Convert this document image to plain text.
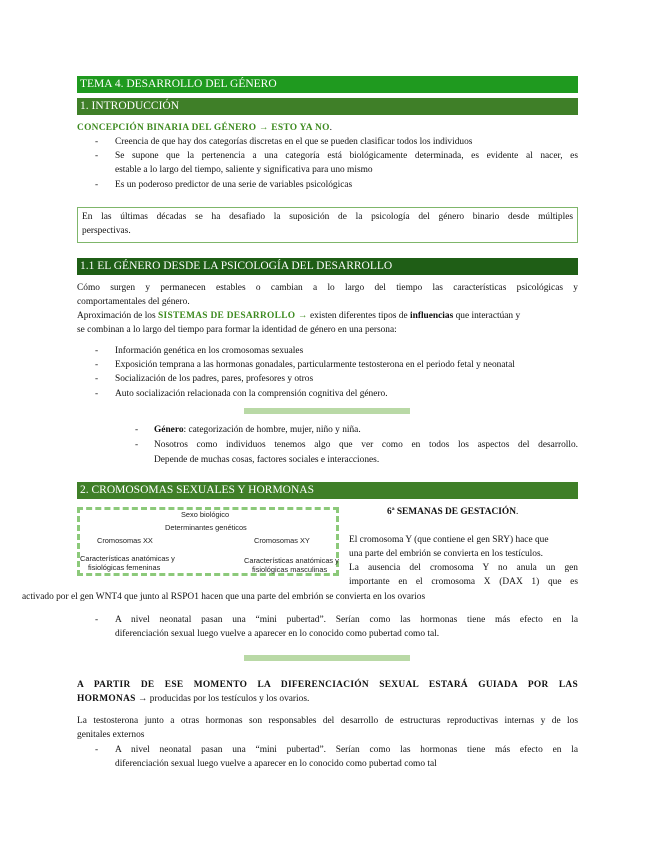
TEMA 4. DESARROLLO DEL GÉNERO
1. INTRODUCCIÓN
CONCEPCIÓN BINARIA DEL GÉNERO → ESTO YA NO.
- Creencia de que hay dos categorías discretas en el que se pueden clasificar todos los individuos
- Se supone que la pertenencia a una categoría está biológicamente determinada, es evidente al nacer, es
estable a lo largo del tiempo, saliente y significativa para uno mismo
- Es un poderoso predictor de una serie de variables psicológicas
En las últimas décadas se ha desafiado la suposición de la psicología del género binario desde múltiples
perspectivas.
1.1 EL GÉNERO DESDE LA PSICOLOGÍA DEL DESARROLLO
Cómo surgen y permanecen estables o cambian a lo largo del tiempo las características psicológicas y
comportamentales del género.
Aproximación de los SISTEMAS DE DESARROLLO → existen diferentes tipos de influencias que interactúan y
se combinan a lo largo del tiempo para formar la identidad de género en una persona:
- Información genética en los cromosomas sexuales
- Exposición temprana a las hormonas gonadales, particularmente testosterona en el periodo fetal y neonatal
- Socialización de los padres, pares, profesores y otros
- Auto socialización relacionada con la comprensión cognitiva del género.
- Género: categorización de hombre, mujer, niño y niña.
- Nosotros como individuos tenemos algo que ver como en todos los aspectos del desarrollo.
Depende de muchas cosas, factores sociales e interacciones.
2. CROMOSOMAS SEXUALES Y HORMONAS
Sexo biológico
Determinantes genéticos
Cromosomas XX	Cromosomas XY
Características anatómicas y
fisiológicas femeninas
Características anatómicas y
fisiológicas masculinas
6ª SEMANAS DE GESTACIÓN.
El cromosoma Y (que contiene el gen SRY) hace que
una parte del embrión se convierta en los testículos.
La ausencia del cromosoma Y no anula un gen
importante en el cromosoma X (DAX 1) que es
activado por el gen WNT4 que junto al RSPO1 hacen que una parte del embrión se convierta en los ovarios
- A nivel neonatal pasan una “mini pubertad”. Serían como las hormonas tiene más efecto en la
diferenciación sexual luego vuelve a aparecer en lo conocido como pubertad como tal.
A PARTIR DE ESE MOMENTO LA DIFERENCIACIÓN SEXUAL ESTARÁ GUIADA POR LAS
HORMONAS → producidas por los testículos y los ovarios.
La testosterona junto a otras hormonas son responsables del desarrollo de estructuras reproductivas internas y de los
genitales externos
- A nivel neonatal pasan una “mini pubertad”. Serían como las hormonas tiene más efecto en la
diferenciación sexual luego vuelve a aparecer en lo conocido como pubertad como tal
